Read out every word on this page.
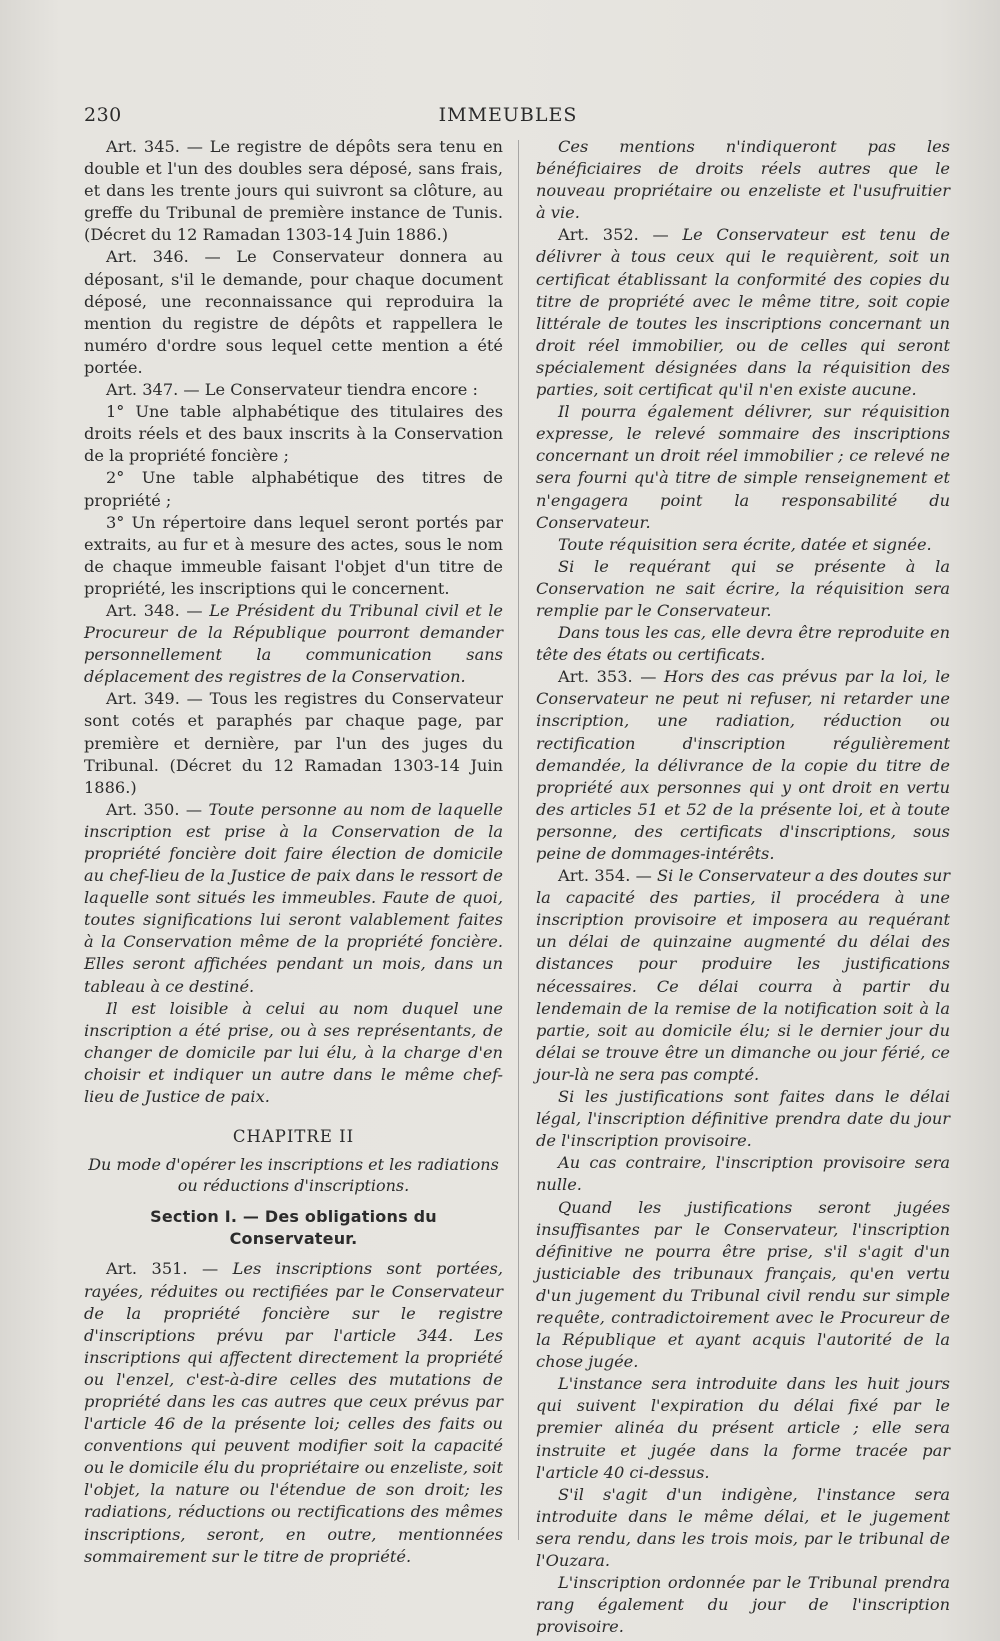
230	IMMEUBLES

Art. 345. — Le registre de dépôts sera tenu en double et l'un des doubles sera déposé, sans frais, et dans les trente jours qui suivront sa clôture, au greffe du Tribunal de première instance de Tunis. (Décret du 12 Ramadan 1303-14 Juin 1886.)

Art. 346. — Le Conservateur donnera au déposant, s'il le demande, pour chaque document déposé, une reconnaissance qui reproduira la mention du registre de dépôts et rappellera le numéro d'ordre sous lequel cette mention a été portée.

Art. 347. — Le Conservateur tiendra encore :

1° Une table alphabétique des titulaires des droits réels et des baux inscrits à la Conservation de la propriété foncière ;

2° Une table alphabétique des titres de propriété ;

3° Un répertoire dans lequel seront portés par extraits, au fur et à mesure des actes, sous le nom de chaque immeuble faisant l'objet d'un titre de propriété, les inscriptions qui le concernent.

Art. 348. — Le Président du Tribunal civil et le Procureur de la République pourront demander personnellement la communication sans déplacement des registres de la Conservation.

Art. 349. — Tous les registres du Conservateur sont cotés et paraphés par chaque page, par première et dernière, par l'un des juges du Tribunal. (Décret du 12 Ramadan 1303-14 Juin 1886.)

Art. 350. — Toute personne au nom de laquelle inscription est prise à la Conservation de la propriété foncière doit faire élection de domicile au chef-lieu de la Justice de paix dans le ressort de laquelle sont situés les immeubles. Faute de quoi, toutes significations lui seront valablement faites à la Conservation même de la propriété foncière. Elles seront affichées pendant un mois, dans un tableau à ce destiné.

Il est loisible à celui au nom duquel une inscription a été prise, ou à ses représentants, de changer de domicile par lui élu, à la charge d'en choisir et indiquer un autre dans le même chef-lieu de Justice de paix.

CHAPITRE II
Du mode d'opérer les inscriptions et les radiations ou réductions d'inscriptions.
Section I. — Des obligations du Conservateur.

Art. 351. — Les inscriptions sont portées, rayées, réduites ou rectifiées par le Conservateur de la propriété foncière sur le registre d'inscriptions prévu par l'article 344. Les inscriptions qui affectent directement la propriété ou l'enzel, c'est-à-dire celles des mutations de propriété dans les cas autres que ceux prévus par l'article 46 de la présente loi; celles des faits ou conventions qui peuvent modifier soit la capacité ou le domicile élu du propriétaire ou enzeliste, soit l'objet, la nature ou l'étendue de son droit; les radiations, réductions ou rectifications des mêmes inscriptions, seront, en outre, mentionnées sommairement sur le titre de propriété.

Ces mentions n'indiqueront pas les bénéficiaires de droits réels autres que le nouveau propriétaire ou enzeliste et l'usufruitier à vie.

Art. 352. — Le Conservateur est tenu de délivrer à tous ceux qui le requièrent, soit un certificat établissant la conformité des copies du titre de propriété avec le même titre, soit copie littérale de toutes les inscriptions concernant un droit réel immobilier, ou de celles qui seront spécialement désignées dans la réquisition des parties, soit certificat qu'il n'en existe aucune.

Il pourra également délivrer, sur réquisition expresse, le relevé sommaire des inscriptions concernant un droit réel immobilier ; ce relevé ne sera fourni qu'à titre de simple renseignement et n'engagera point la responsabilité du Conservateur.

Toute réquisition sera écrite, datée et signée.

Si le requérant qui se présente à la Conservation ne sait écrire, la réquisition sera remplie par le Conservateur.

Dans tous les cas, elle devra être reproduite en tête des états ou certificats.

Art. 353. — Hors des cas prévus par la loi, le Conservateur ne peut ni refuser, ni retarder une inscription, une radiation, réduction ou rectification d'inscription régulièrement demandée, la délivrance de la copie du titre de propriété aux personnes qui y ont droit en vertu des articles 51 et 52 de la présente loi, et à toute personne, des certificats d'inscriptions, sous peine de dommages-intérêts.

Art. 354. — Si le Conservateur a des doutes sur la capacité des parties, il procédera à une inscription provisoire et imposera au requérant un délai de quinzaine augmenté du délai des distances pour produire les justifications nécessaires. Ce délai courra à partir du lendemain de la remise de la notification soit à la partie, soit au domicile élu; si le dernier jour du délai se trouve être un dimanche ou jour férié, ce jour-là ne sera pas compté.

Si les justifications sont faites dans le délai légal, l'inscription définitive prendra date du jour de l'inscription provisoire.

Au cas contraire, l'inscription provisoire sera nulle.

Quand les justifications seront jugées insuffisantes par le Conservateur, l'inscription définitive ne pourra être prise, s'il s'agit d'un justiciable des tribunaux français, qu'en vertu d'un jugement du Tribunal civil rendu sur simple requête, contradictoirement avec le Procureur de la République et ayant acquis l'autorité de la chose jugée.

L'instance sera introduite dans les huit jours qui suivent l'expiration du délai fixé par le premier alinéa du présent article ; elle sera instruite et jugée dans la forme tracée par l'article 40 ci-dessus.

S'il s'agit d'un indigène, l'instance sera introduite dans le même délai, et le jugement sera rendu, dans les trois mois, par le tribunal de l'Ouzara.

L'inscription ordonnée par le Tribunal prendra rang également du jour de l'inscription provisoire.
